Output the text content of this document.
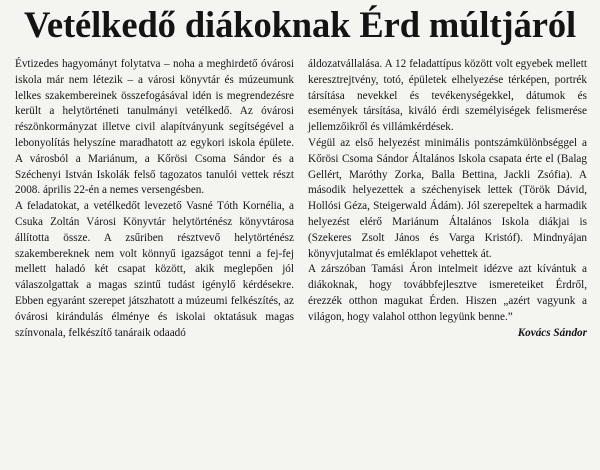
Vetélkedő diákoknak Érd múltjáról

Évtizedes hagyományt folytatva – noha a meghirdető óvárosi iskola már nem létezik – a városi könyvtár és múzeumunk lelkes szakembereinek összefogásával idén is megrendezésre került a helytörténeti tanulmányi vetélkedő. Az óvárosi részönkormányzat illetve civil alapítványunk segítségével a lebonyolítás helyszíne maradhatott az egykori iskola épülete. A városból a Mariánum, a Kőrösi Csoma Sándor és a Széchenyi István Iskolák felső tagozatos tanulói vettek részt 2008. április 22-én a nemes versengésben.

A feladatokat, a vetélkedőt levezető Vasné Tóth Kornélia, a Csuka Zoltán Városi Könyvtár helytörténész könyvtárosa állította össze. A zsűriben résztvevő helytörténész szakembereknek nem volt könnyű igazságot tenni a fej-fej mellett haladó két csapat között, akik meglepően jól válaszolgattak a magas szintű tudást igénylő kérdésekre. Ebben egyaránt szerepet játszhatott a múzeumi felkészítés, az óvárosi kirándulás élménye és iskolai oktatásuk magas színvonala, felkészítő tanáraik odaadó

áldozatvállalása. A 12 feladattípus között volt egyebek mellett keresztrejtvény, totó, épületek elhelyezése térképen, portrék társítása nevekkel és tevékenységekkel, dátumok és események társítása, kiváló érdi személyiségek felismerése jellemzőikről és villámkérdések.

Végül az első helyezést minimális pontszámkülönbséggel a Kőrösi Csoma Sándor Általános Iskola csapata érte el (Balag Gellért, Maróthy Zorka, Balla Bettina, Jackli Zsófia). A második helyezettek a széchenyisek lettek (Török Dávid, Hollósi Géza, Steigerwald Ádám). Jól szerepeltek a harmadik helyezést elérő Mariánum Általános Iskola diákjai is (Szekeres Zsolt János és Varga Kristóf). Mindnyájan könyvjutalmat és emléklapot vehettek át.

A zárszóban Tamási Áron intelmeit idézve azt kívántuk a diákoknak, hogy továbbfejlesztve ismereteiket Érdről, érezzék otthon magukat Érden. Hiszen „azért vagyunk a világon, hogy valahol otthon legyünk benne.”

Kovács Sándor
